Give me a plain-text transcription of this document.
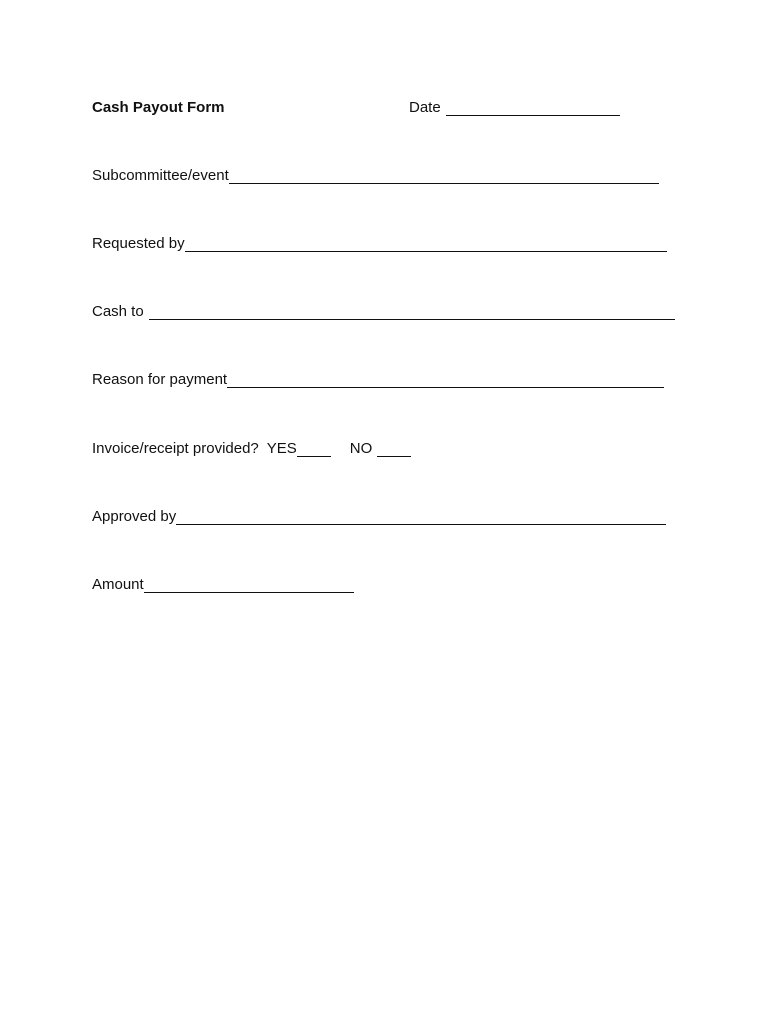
Cash Payout Form	Date
Subcommittee/event
Requested by
Cash to
Reason for payment
Invoice/receipt provided? YES	NO
Approved by
Amount
